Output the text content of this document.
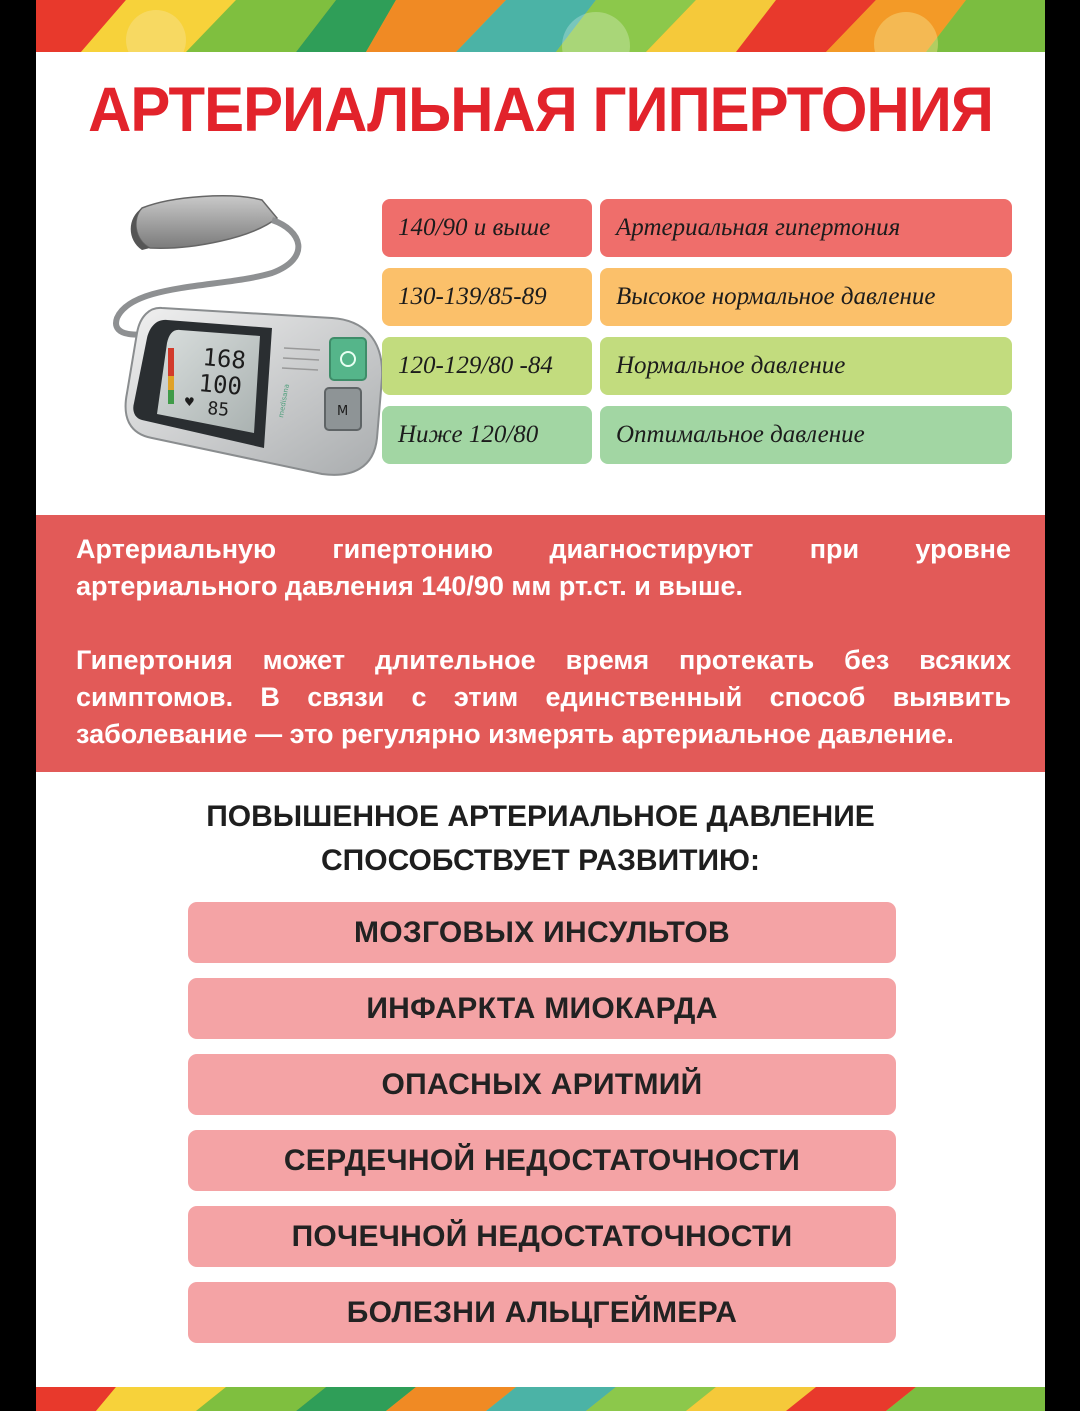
АРТЕРИАЛЬНАЯ ГИПЕРТОНИЯ
168
100
85
♥
M
medisana
140/90 и выше	Артериальная гипертония
130-139/85-89	Высокое нормальное давление
120-129/80 -84	Нормальное давление
Ниже 120/80	Оптимальное давление

Артериальную гипертонию диагностируют при уровне артериального давления 140/90 мм рт.ст. и выше.

Гипертония может длительное время протекать без всяких симптомов. В связи с этим единственный способ выявить заболевание — это регулярно измерять артериальное давление.

ПОВЫШЕННОЕ АРТЕРИАЛЬНОЕ ДАВЛЕНИЕ
СПОСОБСТВУЕТ РАЗВИТИЮ:
МОЗГОВЫХ ИНСУЛЬТОВ
ИНФАРКТА МИОКАРДА
ОПАСНЫХ АРИТМИЙ
СЕРДЕЧНОЙ НЕДОСТАТОЧНОСТИ
ПОЧЕЧНОЙ НЕДОСТАТОЧНОСТИ
БОЛЕЗНИ АЛЬЦГЕЙМЕРА
